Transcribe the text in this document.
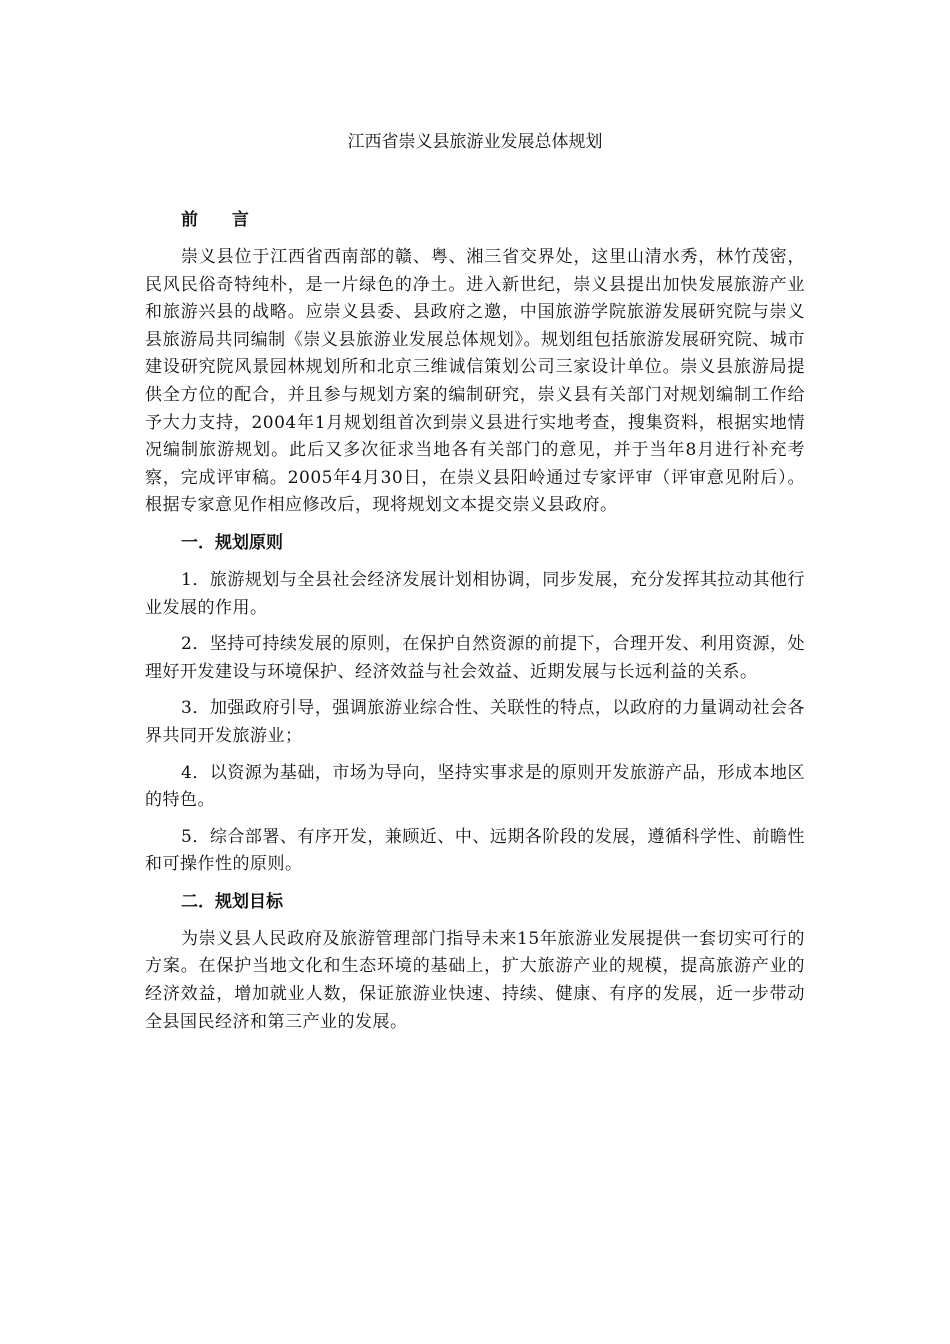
江西省崇义县旅游业发展总体规划
前 言

崇义县位于江西省西南部的赣、粤、湘三省交界处，这里山清水秀，林竹茂密，民风民俗奇特纯朴，是一片绿色的净土。进入新世纪，崇义县提出加快发展旅游产业和旅游兴县的战略。应崇义县委、县政府之邀，中国旅游学院旅游发展研究院与崇义县旅游局共同编制《崇义县旅游业发展总体规划》。规划组包括旅游发展研究院、城市建设研究院风景园林规划所和北京三维诚信策划公司三家设计单位。崇义县旅游局提供全方位的配合，并且参与规划方案的编制研究，崇义县有关部门对规划编制工作给予大力支持，2004年1月规划组首次到崇义县进行实地考查，搜集资料，根据实地情况编制旅游规划。此后又多次征求当地各有关部门的意见，并于当年8月进行补充考察，完成评审稿。2005年4月30日，在崇义县阳岭通过专家评审（评审意见附后）。根据专家意见作相应修改后，现将规划文本提交崇义县政府。

一．规划原则

1．旅游规划与全县社会经济发展计划相协调，同步发展，充分发挥其拉动其他行业发展的作用。

2．坚持可持续发展的原则，在保护自然资源的前提下，合理开发、利用资源，处理好开发建设与环境保护、经济效益与社会效益、近期发展与长远利益的关系。

3．加强政府引导，强调旅游业综合性、关联性的特点，以政府的力量调动社会各界共同开发旅游业；

4．以资源为基础，市场为导向，坚持实事求是的原则开发旅游产品，形成本地区的特色。

5．综合部署、有序开发，兼顾近、中、远期各阶段的发展，遵循科学性、前瞻性和可操作性的原则。

二．规划目标

为崇义县人民政府及旅游管理部门指导未来15年旅游业发展提供一套切实可行的方案。在保护当地文化和生态环境的基础上，扩大旅游产业的规模，提高旅游产业的经济效益，增加就业人数，保证旅游业快速、持续、健康、有序的发展，近一步带动全县国民经济和第三产业的发展。
